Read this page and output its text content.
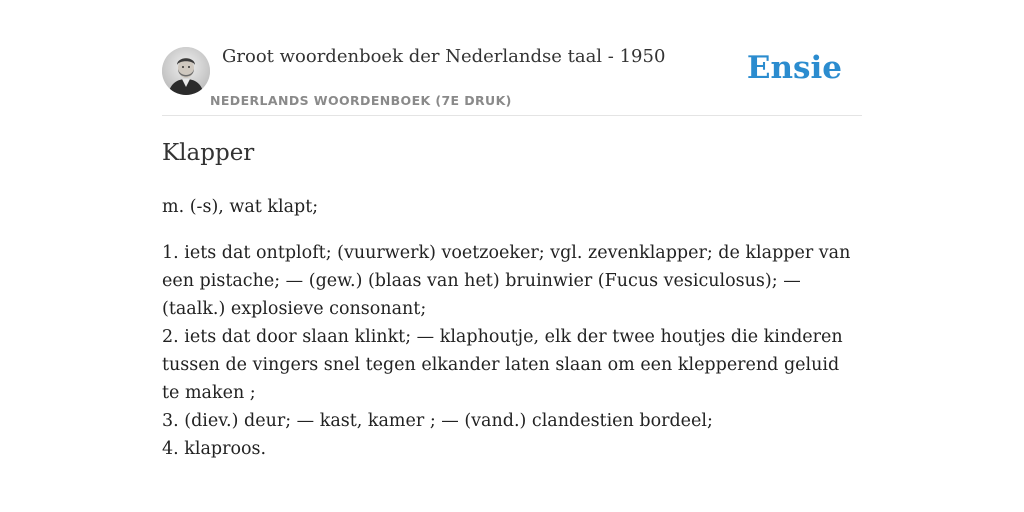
Groot woordenboek der Nederlandse taal - 1950
NEDERLANDS WOORDENBOEK (7E DRUK)
Ensie
Klapper

m. (-s), wat klapt;

1. iets dat ontploft; (vuurwerk) voetzoeker; vgl. zevenklapper; de klapper van een pistache; — (gew.) (blaas van het) bruinwier (Fucus vesiculosus); — (taalk.) explosieve consonant;

2. iets dat door slaan klinkt; — klaphoutje, elk der twee houtjes die kinderen tussen de vingers snel tegen elkander laten slaan om een klepperend geluid te maken ;

3. (diev.) deur; — kast, kamer ; — (vand.) clandestien bordeel;

4. klaproos.
